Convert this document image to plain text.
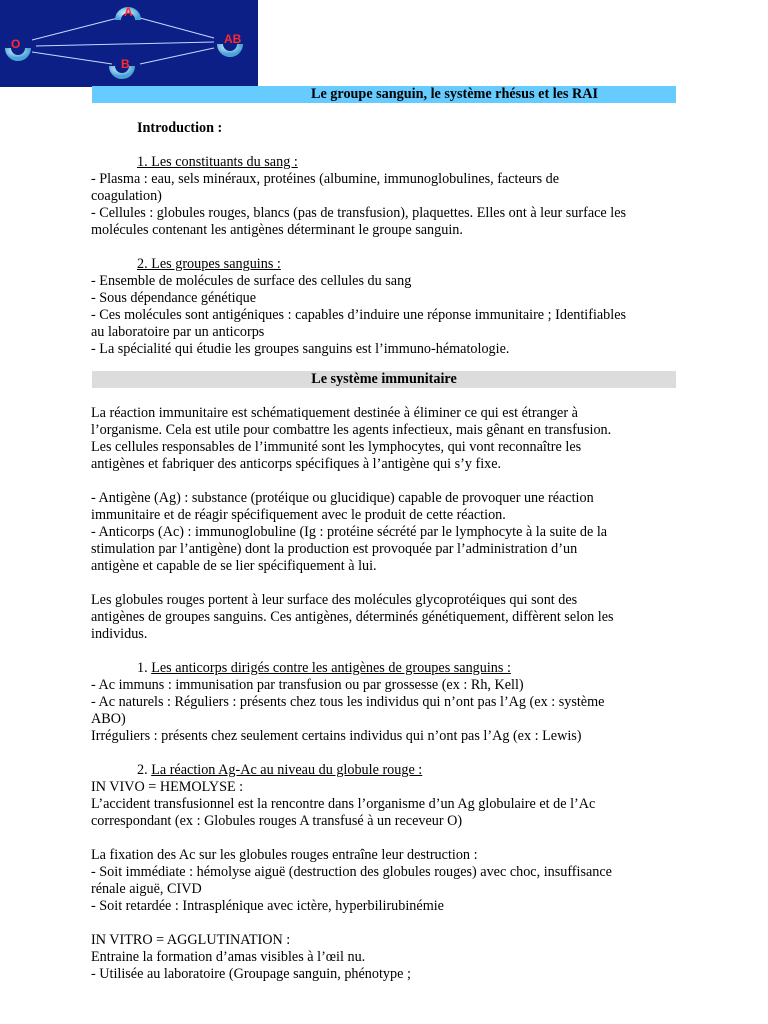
A
O	AB
B
Le groupe sanguin, le système rhésus et les RAI
Introduction :

1. Les constituants du sang :
- Plasma : eau, sels minéraux, protéines (albumine, immunoglobulines, facteurs de
coagulation)
- Cellules : globules rouges, blancs (pas de transfusion), plaquettes. Elles ont à leur surface les
molécules contenant les antigènes déterminant le groupe sanguin.

2. Les groupes sanguins :
- Ensemble de molécules de surface des cellules du sang
- Sous dépendance génétique
- Ces molécules sont antigéniques : capables d’induire une réponse immunitaire ; Identifiables
au laboratoire par un anticorps
- La spécialité qui étudie les groupes sanguins est l’immuno-hématologie.
Le système immunitaire
La réaction immunitaire est schématiquement destinée à éliminer ce qui est étranger à
l’organisme. Cela est utile pour combattre les agents infectieux, mais gênant en transfusion.
Les cellules responsables de l’immunité sont les lymphocytes, qui vont reconnaître les
antigènes et fabriquer des anticorps spécifiques à l’antigène qui s’y fixe.

- Antigène (Ag) : substance (protéique ou glucidique) capable de provoquer une réaction
immunitaire et de réagir spécifiquement avec le produit de cette réaction.
- Anticorps (Ac) : immunoglobuline (Ig : protéine sécrété par le lymphocyte à la suite de la
stimulation par l’antigène) dont la production est provoquée par l’administration d’un
antigène et capable de se lier spécifiquement à lui.

Les globules rouges portent à leur surface des molécules glycoprotéiques qui sont des
antigènes de groupes sanguins. Ces antigènes, déterminés génétiquement, diffèrent selon les
individus.

1. Les anticorps dirigés contre les antigènes de groupes sanguins :
- Ac immuns : immunisation par transfusion ou par grossesse (ex : Rh, Kell)
- Ac naturels : Réguliers : présents chez tous les individus qui n’ont pas l’Ag (ex : système
ABO)
Irréguliers : présents chez seulement certains individus qui n’ont pas l’Ag (ex : Lewis)

2. La réaction Ag-Ac au niveau du globule rouge :
IN VIVO = HEMOLYSE :
L’accident transfusionnel est la rencontre dans l’organisme d’un Ag globulaire et de l’Ac
correspondant (ex : Globules rouges A transfusé à un receveur O)

La fixation des Ac sur les globules rouges entraîne leur destruction :
- Soit immédiate : hémolyse aiguë (destruction des globules rouges) avec choc, insuffisance
rénale aiguë, CIVD
- Soit retardée : Intrasplénique avec ictère, hyperbilirubinémie

IN VITRO = AGGLUTINATION :
Entraine la formation d’amas visibles à l’œil nu.
- Utilisée au laboratoire (Groupage sanguin, phénotype ;
